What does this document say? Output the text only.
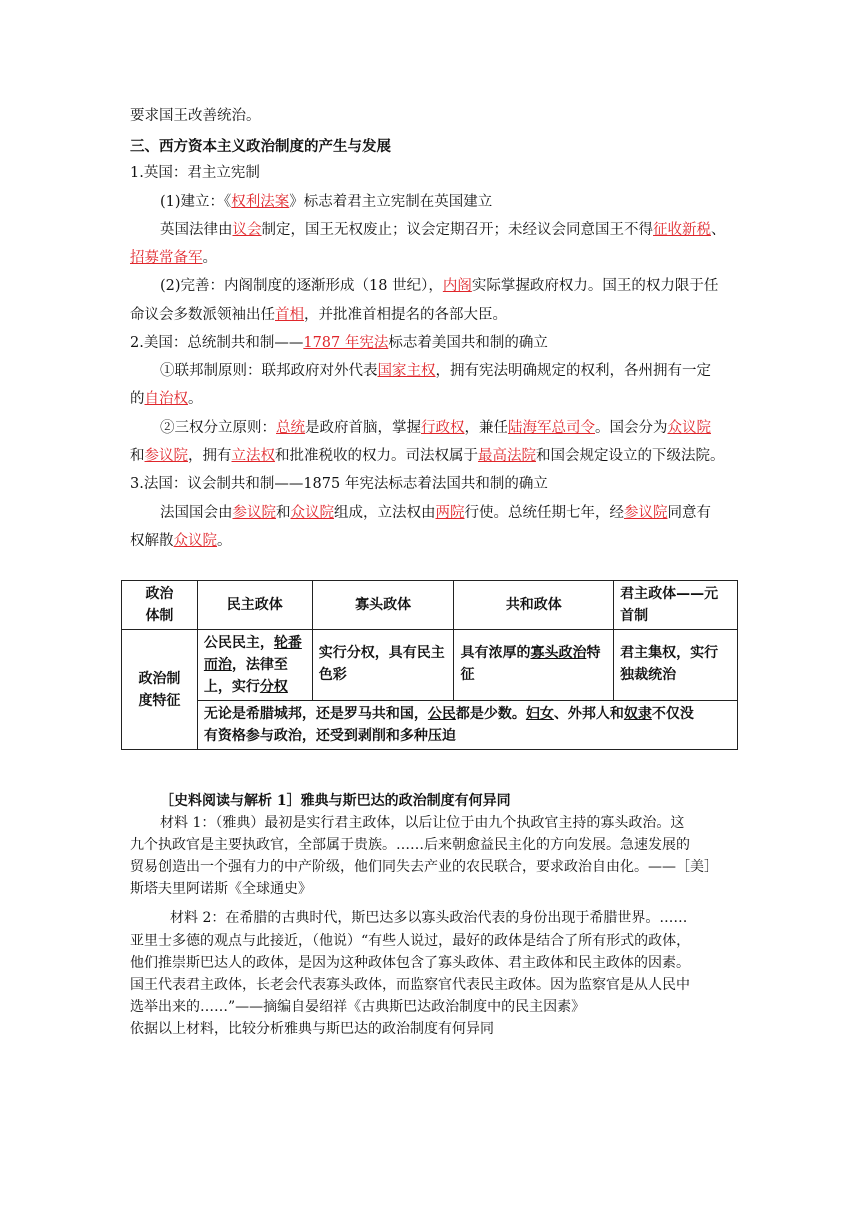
要求国王改善统治。
三、西方资本主义政治制度的产生与发展
1.英国：君主立宪制
(1)建立：《权利法案》标志着君主立宪制在英国建立
英国法律由议会制定，国王无权废止；议会定期召开；未经议会同意国王不得征收新税、
招募常备军。
(2)完善：内阁制度的逐渐形成（18 世纪），内阁实际掌握政府权力。国王的权力限于任
命议会多数派领袖出任首相，并批准首相提名的各部大臣。
2.美国：总统制共和制——1787 年宪法标志着美国共和制的确立
①联邦制原则：联邦政府对外代表国家主权，拥有宪法明确规定的权利，各州拥有一定
的自治权。
②三权分立原则：总统是政府首脑，掌握行政权，兼任陆海军总司令。国会分为众议院
和参议院，拥有立法权和批准税收的权力。司法权属于最高法院和国会规定设立的下级法院。
3.法国：议会制共和制——1875 年宪法标志着法国共和制的确立
法国国会由参议院和众议院组成，立法权由两院行使。总统任期七年，经参议院同意有
权解散众议院。
政治
体制	民主政体	寡头政体	共和政体	君主政体——元
首制
政治制
度特征	公民民主，轮番
而治，法律至
上，实行分权	实行分权，具有民主色彩	具有浓厚的寡头政治特征	君主集权，实行独裁统治
	无论是希腊城邦，还是罗马共和国，公民都是少数。妇女、外邦人和奴隶不仅没
有资格参与政治，还受到剥削和多种压迫			
［史料阅读与解析 1］雅典与斯巴达的政治制度有何异同
材料 1：（雅典）最初是实行君主政体，以后让位于由九个执政官主持的寡头政治。这
九个执政官是主要执政官，全部属于贵族。……后来朝愈益民主化的方向发展。急速发展的
贸易创造出一个强有力的中产阶级，他们同失去产业的农民联合，要求政治自由化。——［美］
斯塔夫里阿诺斯《全球通史》
材料 2：在希腊的古典时代，斯巴达多以寡头政治代表的身份出现于希腊世界。……
亚里士多德的观点与此接近，（他说）“有些人说过，最好的政体是结合了所有形式的政体，
他们推崇斯巴达人的政体，是因为这种政体包含了寡头政体、君主政体和民主政体的因素。
国王代表君主政体，长老会代表寡头政体，而监察官代表民主政体。因为监察官是从人民中
选举出来的……”——摘编自晏绍祥《古典斯巴达政治制度中的民主因素》
依据以上材料，比较分析雅典与斯巴达的政治制度有何异同
